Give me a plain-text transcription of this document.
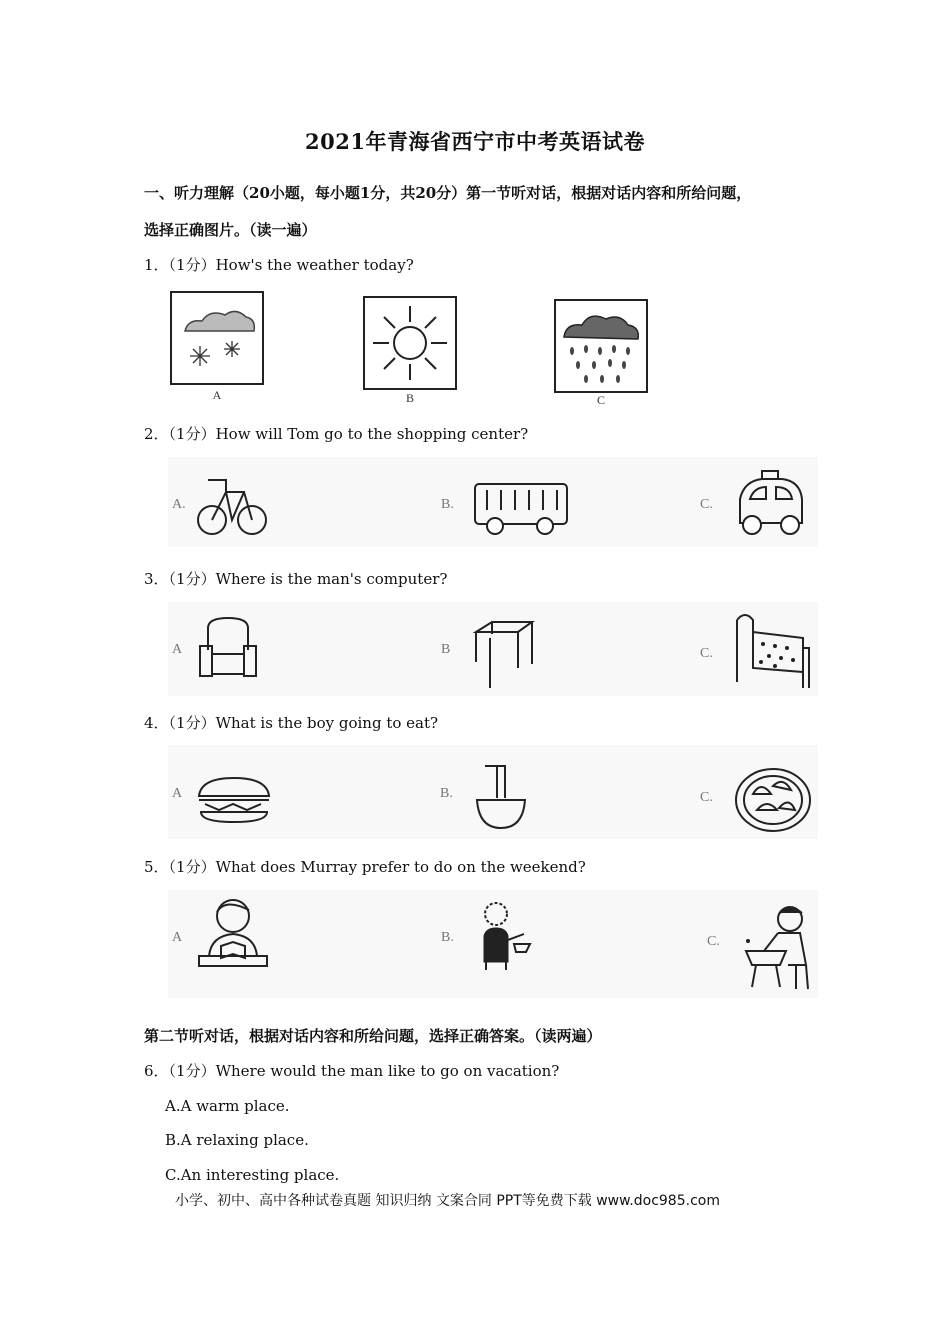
2021年青海省西宁市中考英语试卷
一、听力理解（20小题，每小题1分，共20分）第一节听对话，根据对话内容和所给问题，
选择正确图片。（读一遍）
1．（1分）How's the weather today?
A	B	C
2．（1分）How will Tom go to the shopping center?
A.	B.	C.
3．（1分）Where is the man's computer?
A	B	C.
4．（1分）What is the boy going to eat?
A	B.	C.
5．（1分）What does Murray prefer to do on the weekend?
A	B.	C.
第二节听对话，根据对话内容和所给问题，选择正确答案。（读两遍）
6．（1分）Where would the man like to go on vacation?
A.A warm place.
B.A relaxing place.
C.An interesting place.
小学、初中、高中各种试卷真题 知识归纳 文案合同 PPT等免费下载 www.doc985.com
